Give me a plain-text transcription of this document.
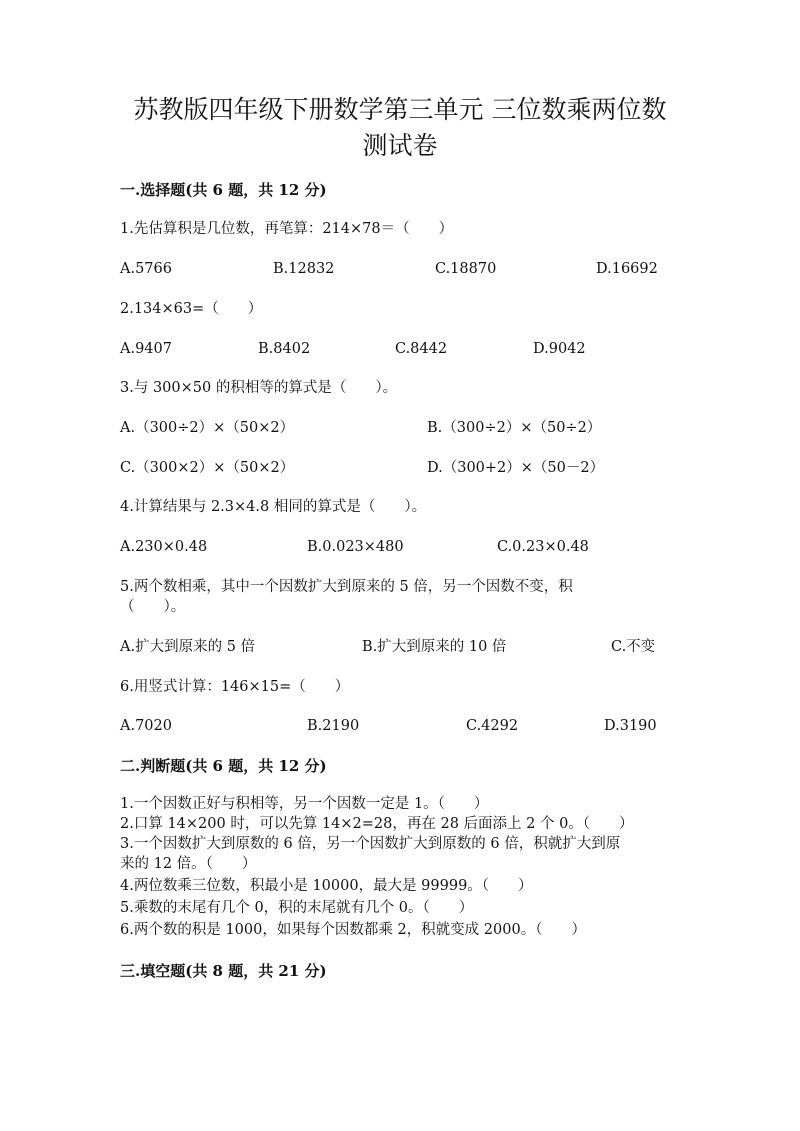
苏教版四年级下册数学第三单元 三位数乘两位数
测试卷
一.选择题(共 6 题，共 12 分)
1.先估算积是几位数，再笔算：214×78＝（　　）
A.5766	B.12832	C.18870	D.16692
2.134×63=（　　）
A.9407	B.8402	C.8442	D.9042
3.与 300×50 的积相等的算式是（　　）。
A.（300÷2）×（50×2）	B.（300÷2）×（50÷2）
C.（300×2）×（50×2）	D.（300+2）×（50－2）
4.计算结果与 2.3×4.8 相同的算式是（　　）。
A.230×0.48	B.0.023×480	C.0.23×0.48
5.两个数相乘，其中一个因数扩大到原来的 5 倍，另一个因数不变，积
（　　）。
A.扩大到原来的 5 倍	B.扩大到原来的 10 倍	C.不变
6.用竖式计算：146×15=（　　）
A.7020	B.2190	C.4292	D.3190
二.判断题(共 6 题，共 12 分)
1.一个因数正好与积相等，另一个因数一定是 1。（　　）
2.口算 14×200 时，可以先算 14×2=28，再在 28 后面添上 2 个 0。（　　）
3.一个因数扩大到原数的 6 倍，另一个因数扩大到原数的 6 倍，积就扩大到原
来的 12 倍。（　　）
4.两位数乘三位数，积最小是 10000，最大是 99999。（　　）
5.乘数的末尾有几个 0，积的末尾就有几个 0。（　　）
6.两个数的积是 1000，如果每个因数都乘 2，积就变成 2000。（　　）
三.填空题(共 8 题，共 21 分)
